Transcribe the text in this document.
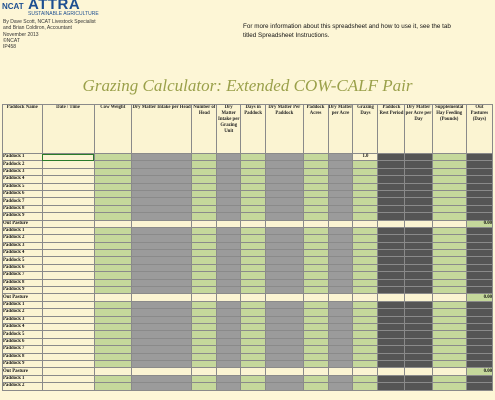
NCAT ATTRA
SUSTAINABLE AGRICULTURE
By Dave Scott, NCAT Livestock Specialist
and Brian Coldiron, Accountant
November 2013
©NCAT
IP458
For more information about this spreadsheet and how to use it, see the tab titled Spreadsheet Instructions.
Grazing Calculator: Extended COW-CALF Pair
Paddock Name	Date / Time	Cow Weight	Dry Matter Intake per Head	Number of Head	Dry Matter Intake per Grazing Unit	Days in Paddock	Dry Matter Per Paddock	Paddock Acres	Dry Matter per Acre	Grazing Days	Paddock Rest Period	Dry Matter per Acre per Day	Supplemental Hay Feeding (Pounds)	Out Pastures (Days)
Paddock 1										1.0				
Paddock 2														
Paddock 3														
Paddock 4														
Paddock 5														
Paddock 6														
Paddock 7														
Paddock 8														
Paddock 9														
Out Pasture														0.00
Paddock 1														
Paddock 2														
Paddock 3														
Paddock 4														
Paddock 5														
Paddock 6														
Paddock 7														
Paddock 8														
Paddock 9														
Out Pasture														0.00
Paddock 1														
Paddock 2														
Paddock 3														
Paddock 4														
Paddock 5														
Paddock 6														
Paddock 7														
Paddock 8														
Paddock 9														
Out Pasture														0.00
Paddock 1														
Paddock 2														
